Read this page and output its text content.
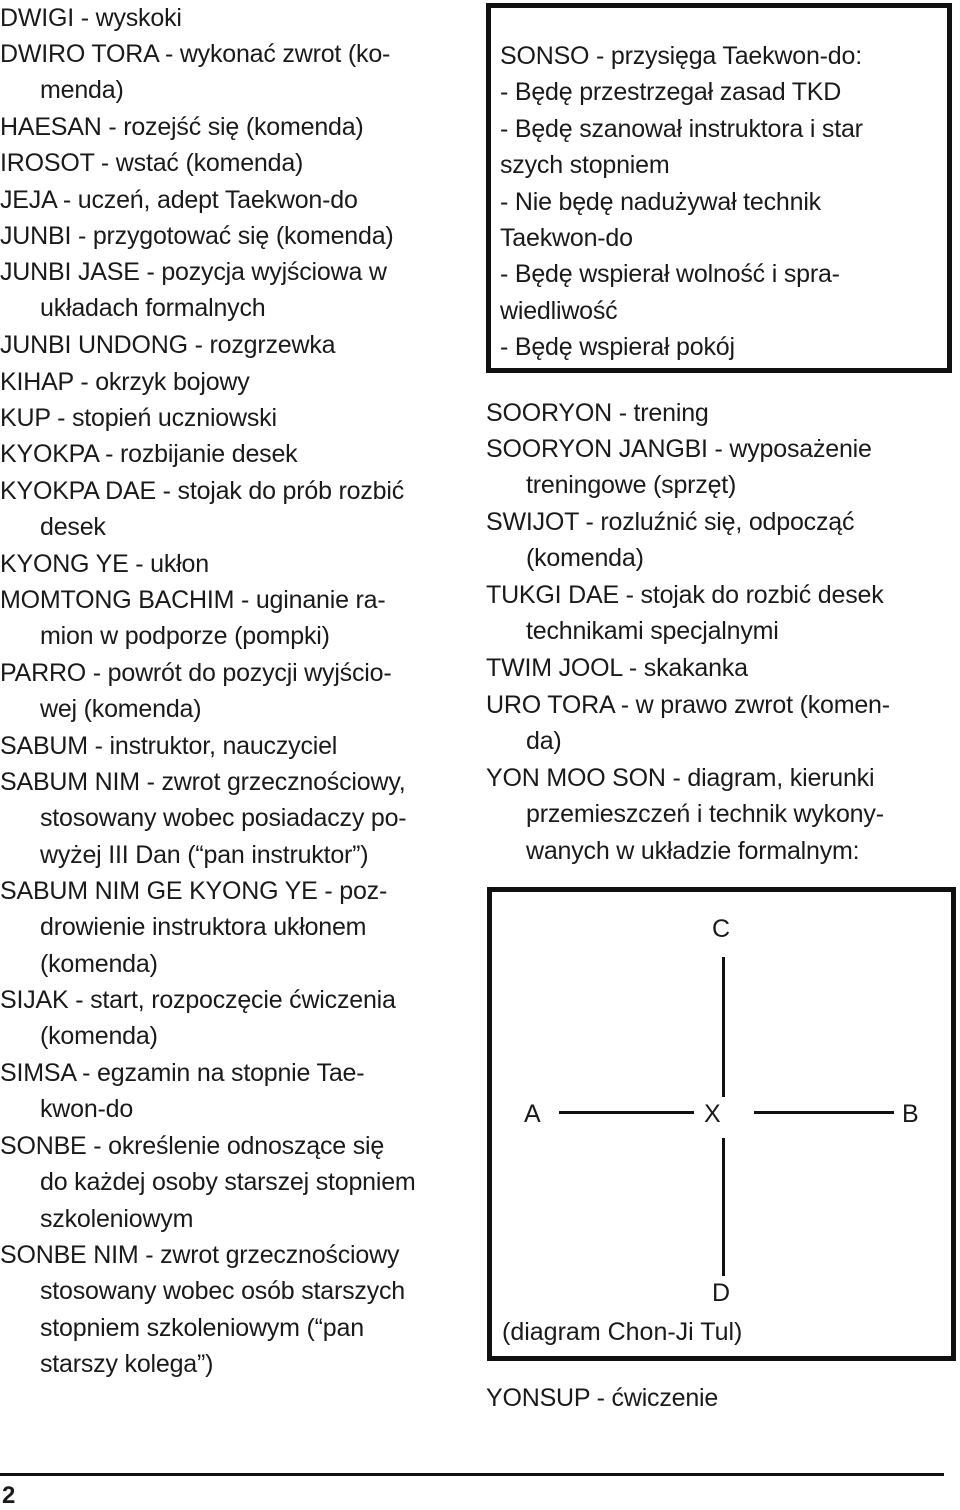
DWIGI - wyskoki
DWIRO TORA - wykonać zwrot (ko-
menda)
HAESAN - rozejść się (komenda)
IROSOT - wstać (komenda)
JEJA - uczeń, adept Taekwon-do
JUNBI - przygotować się (komenda)
JUNBI JASE - pozycja wyjściowa w
układach formalnych
JUNBI UNDONG - rozgrzewka
KIHAP - okrzyk bojowy
KUP - stopień uczniowski
KYOKPA - rozbijanie desek
KYOKPA DAE - stojak do prób rozbić
desek
KYONG YE - ukłon
MOMTONG BACHIM - uginanie ra-
mion w podporze (pompki)
PARRO - powrót do pozycji wyjścio-
wej (komenda)
SABUM - instruktor, nauczyciel
SABUM NIM - zwrot grzecznościowy,
stosowany wobec posiadaczy po-
wyżej III Dan (“pan instruktor”)
SABUM NIM GE KYONG YE - poz-
drowienie instruktora ukłonem
(komenda)
SIJAK - start, rozpoczęcie ćwiczenia
(komenda)
SIMSA - egzamin na stopnie Tae-
kwon-do
SONBE - określenie odnoszące się
do każdej osoby starszej stopniem
szkoleniowym
SONBE NIM - zwrot grzecznościowy
stosowany wobec osób starszych
stopniem szkoleniowym (“pan
starszy kolega”)
SONSO - przysięga Taekwon-do:
- Będę przestrzegał zasad TKD
- Będę szanował instruktora i star
szych stopniem
- Nie będę nadużywał technik
Taekwon-do
- Będę wspierał wolność i spra-
wiedliwość
- Będę wspierał pokój
SOORYON - trening
SOORYON JANGBI - wyposażenie
treningowe (sprzęt)
SWIJOT - rozluźnić się, odpocząć
(komenda)
TUKGI DAE - stojak do rozbić desek
technikami specjalnymi
TWIM JOOL - skakanka
URO TORA - w prawo zwrot (komen-
da)
YON MOO SON - diagram, kierunki
przemieszczeń i technik wykony-
wanych w układzie formalnym:
C
A	X	B
D
(diagram Chon-Ji Tul)
YONSUP - ćwiczenie
2
